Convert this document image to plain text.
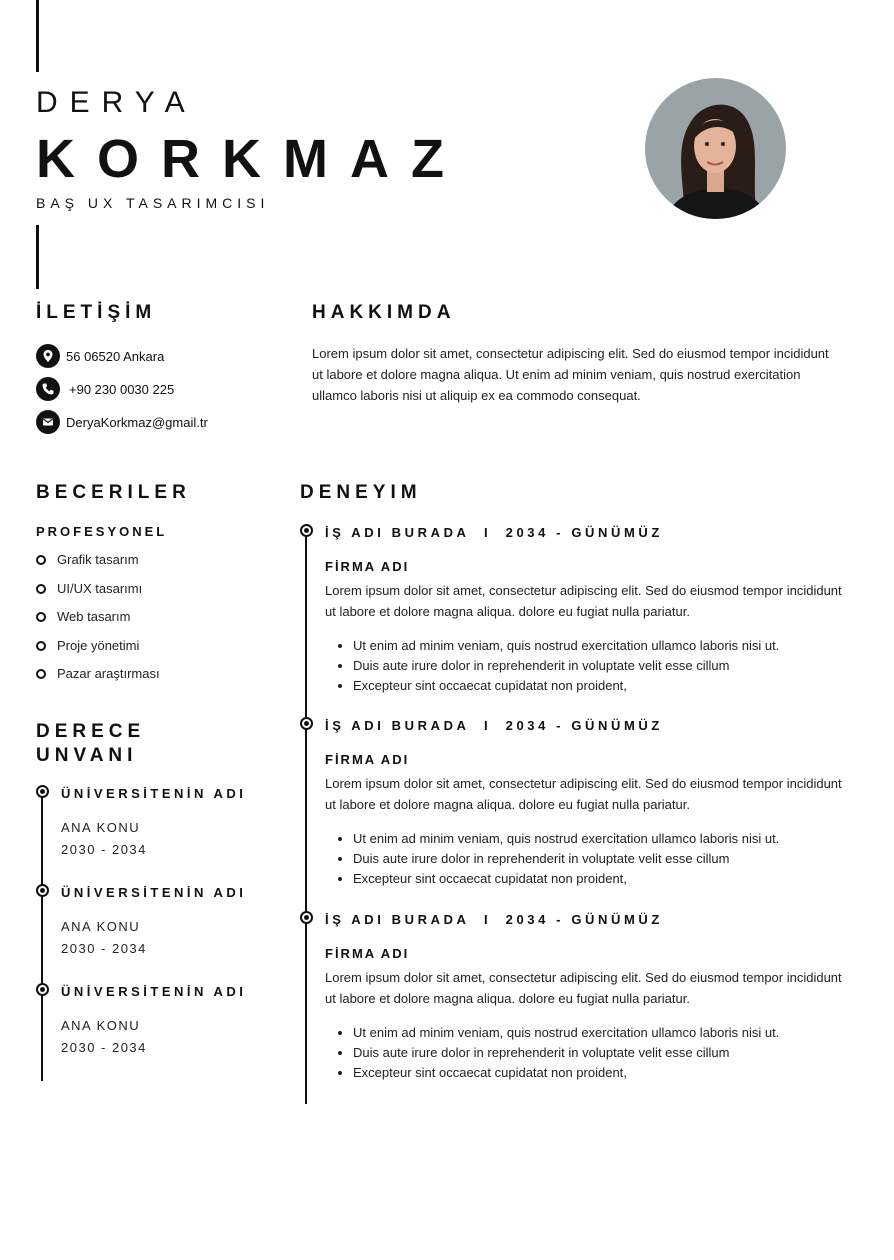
DERYA
KORKMAZ
BAŞ UX TASARIMCISI
İLETİŞİM
56 06520 Ankara
+90 230 0030 225
DeryaKorkmaz@gmail.tr
HAKKIMDA
Lorem ipsum dolor sit amet, consectetur adipiscing elit. Sed do eiusmod tempor incididunt ut labore et dolore magna aliqua. Ut enim ad minim veniam, quis nostrud exercitation ullamco laboris nisi ut aliquip ex ea commodo consequat.
BECERILER
PROFESYONEL
Grafik tasarım
UI/UX tasarımı
Web tasarım
Proje yönetimi
Pazar araştırması
DERECE
UNVANI
ÜNİVERSİTENİN ADI
ANA KONU
2030 - 2034
ÜNİVERSİTENİN ADI
ANA KONU
2030 - 2034
ÜNİVERSİTENİN ADI
ANA KONU
2030 - 2034
DENEYIM
İŞ ADI BURADA I 2034 - GÜNÜMÜZ
FİRMA ADI
Lorem ipsum dolor sit amet, consectetur adipiscing elit. Sed do eiusmod tempor incididunt ut labore et dolore magna aliqua. dolore eu fugiat nulla pariatur.
• Ut enim ad minim veniam, quis nostrud exercitation ullamco laboris nisi ut.
• Duis aute irure dolor in reprehenderit in voluptate velit esse cillum
• Excepteur sint occaecat cupidatat non proident,
İŞ ADI BURADA I 2034 - GÜNÜMÜZ
FİRMA ADI
Lorem ipsum dolor sit amet, consectetur adipiscing elit. Sed do eiusmod tempor incididunt ut labore et dolore magna aliqua. dolore eu fugiat nulla pariatur.
• Ut enim ad minim veniam, quis nostrud exercitation ullamco laboris nisi ut.
• Duis aute irure dolor in reprehenderit in voluptate velit esse cillum
• Excepteur sint occaecat cupidatat non proident,
İŞ ADI BURADA I 2034 - GÜNÜMÜZ
FİRMA ADI
Lorem ipsum dolor sit amet, consectetur adipiscing elit. Sed do eiusmod tempor incididunt ut labore et dolore magna aliqua. dolore eu fugiat nulla pariatur.
• Ut enim ad minim veniam, quis nostrud exercitation ullamco laboris nisi ut.
• Duis aute irure dolor in reprehenderit in voluptate velit esse cillum
• Excepteur sint occaecat cupidatat non proident,
